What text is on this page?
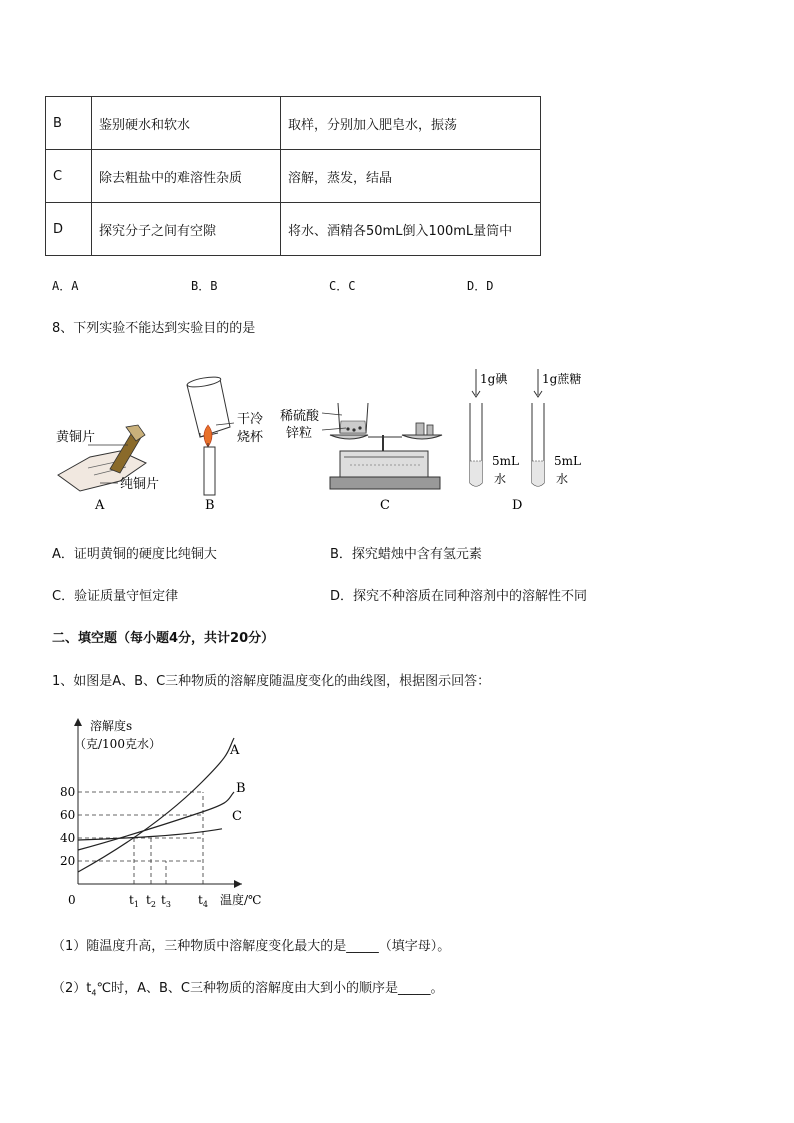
B	鉴别硬水和软水	取样，分别加入肥皂水，振荡
C	除去粗盐中的难溶性杂质	溶解，蒸发，结晶
D	探究分子之间有空隙	将水、酒精各50mL倒入100mL量筒中
A．A	B．B	C．C	D．D
8、下列实验不能达到实验目的的是
黄铜片
纯铜片
A
干冷
烧杯
B
稀硫酸
锌粒
C
1g碘
5mL
水
1g蔗糖
5mL
水
D
A．证明黄铜的硬度比纯铜大	B．探究蜡烛中含有氢元素
C．验证质量守恒定律	D．探究不种溶质在同种溶剂中的溶解性不同
二、填空题（每小题4分，共计20分）
1、如图是A、B、C三种物质的溶解度随温度变化的曲线图，根据图示回答：
80
60
40
20
$t_1$ $t_2$ $t_3$ $t_4$
A
B
C
溶解度s
（克/100克水）
温度/℃
0
（1）随温度升高，三种物质中溶解度变化最大的是_____（填字母）。
$(2)t_4℃$时，A、B、C三种物质的溶解度由大到小的顺序是_____。
